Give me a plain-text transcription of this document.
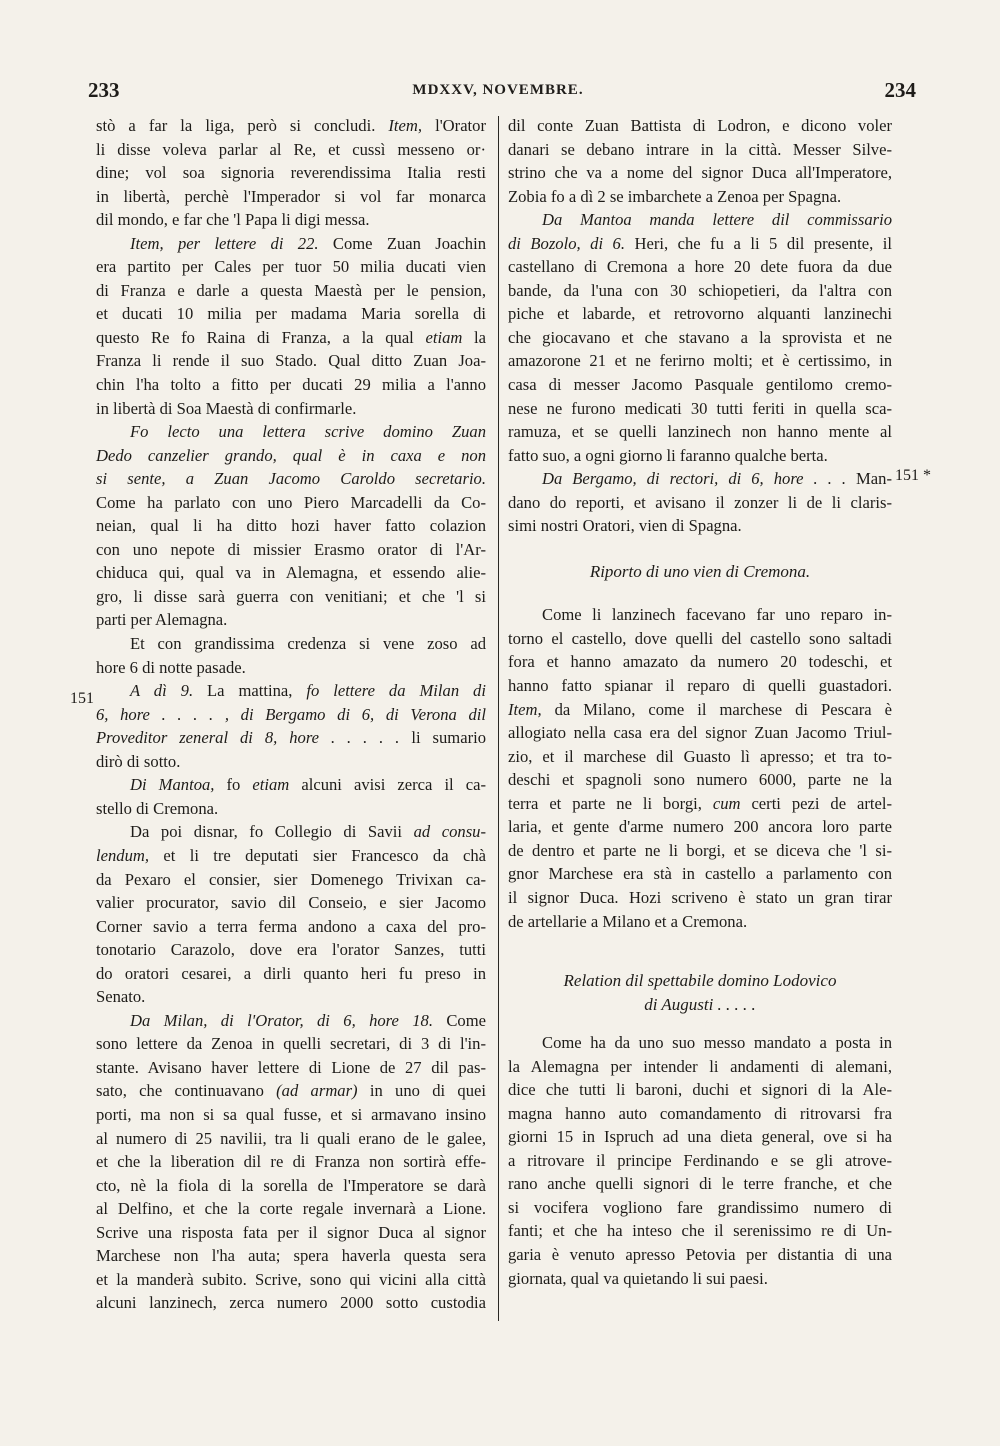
233	MDXXV, NOVEMBRE.	234
stò a far la liga, però si concludi. Item, l'Orator
li disse voleva parlar al Re, et cussì messeno or·
dine; vol soa signoria reverendissima Italia resti
in libertà, perchè l'Imperador si vol far monarca
dil mondo, e far che 'l Papa li digi messa.
Item, per lettere di 22. Come Zuan Joachin
era partito per Cales per tuor 50 milia ducati vien
di Franza e darle a questa Maestà per le pension,
et ducati 10 milia per madama Maria sorella di
questo Re fo Raina di Franza, a la qual etiam la
Franza li rende il suo Stado. Qual ditto Zuan Joa-
chin l'ha tolto a fitto per ducati 29 milia a l'anno
in libertà di Soa Maestà di confirmarle.
Fo lecto una lettera scrive domino Zuan
Dedo canzelier grando, qual è in caxa e non
si sente, a Zuan Jacomo Caroldo secretario.
Come ha parlato con uno Piero Marcadelli da Co-
neian, qual li ha ditto hozi haver fatto colazion
con uno nepote di missier Erasmo orator di l'Ar-
chiduca qui, qual va in Alemagna, et essendo alie-
gro, li disse sarà guerra con venitiani; et che 'l si
parti per Alemagna.
Et con grandissima credenza si vene zoso ad
hore 6 di notte pasade.
A dì 9. La mattina, fo lettere da Milan di
6, hore . . . . , di Bergamo di 6, di Verona dil
Proveditor zeneral di 8, hore . . . . . li sumario
dirò di sotto.
Di Mantoa, fo etiam alcuni avisi zerca il ca-
stello di Cremona.
Da poi disnar, fo Collegio di Savii ad consu-
lendum, et li tre deputati sier Francesco da chà
da Pexaro el consier, sier Domenego Trivixan ca-
valier procurator, savio dil Conseio, e sier Jacomo
Corner savio a terra ferma andono a caxa del pro-
tonotario Carazolo, dove era l'orator Sanzes, tutti
do oratori cesarei, a dirli quanto heri fu preso in
Senato.
Da Milan, di l'Orator, di 6, hore 18. Come
sono lettere da Zenoa in quelli secretari, di 3 di l'in-
stante. Avisano haver lettere di Lione de 27 dil pas-
sato, che continuavano (ad armar) in uno di quei
porti, ma non si sa qual fusse, et si armavano insino
al numero di 25 navilii, tra li quali erano de le galee,
et che la liberation dil re di Franza non sortirà effe-
cto, nè la fiola di la sorella de l'Imperatore se darà
al Delfino, et che la corte regale invernarà a Lione.
Scrive una risposta fata per il signor Duca al signor
Marchese non l'ha auta; spera haverla questa sera
et la manderà subito. Scrive, sono qui vicini alla città
alcuni lanzinech, zerca numero 2000 sotto custodia
dil conte Zuan Battista di Lodron, e dicono voler
danari se debano intrare in la città. Messer Silve-
strino che va a nome del signor Duca all'Imperatore,
Zobia fo a dì 2 se imbarchete a Zenoa per Spagna.
Da Mantoa manda lettere dil commissario
di Bozolo, di 6. Heri, che fu a li 5 dil presente, il
castellano di Cremona a hore 20 dete fuora da due
bande, da l'una con 30 schiopetieri, da l'altra con
piche et labarde, et retrovorno alquanti lanzinechi
che giocavano et che stavano a la sprovista et ne
amazorone 21 et ne ferirno molti; et è certissimo, in
casa di messer Jacomo Pasquale gentilomo cremo-
nese ne furono medicati 30 tutti feriti in quella sca-
ramuza, et se quelli lanzinech non hanno mente al
fatto suo, a ogni giorno li faranno qualche berta.
Da Bergamo, di rectori, di 6, hore . . . Man-
dano do reporti, et avisano il zonzer li de li claris-
simi nostri Oratori, vien di Spagna.
Riporto di uno vien di Cremona.
Come li lanzinech facevano far uno reparo in-
torno el castello, dove quelli del castello sono saltadi
fora et hanno amazato da numero 20 todeschi, et
hanno fatto spianar il reparo di quelli guastadori.
Item, da Milano, come il marchese di Pescara è
allogiato nella casa era del signor Zuan Jacomo Triul-
zio, et il marchese dil Guasto lì apresso; et tra to-
deschi et spagnoli sono numero 6000, parte ne la
terra et parte ne li borgi, cum certi pezi de artel-
laria, et gente d'arme numero 200 ancora loro parte
de dentro et parte ne li borgi, et se diceva che 'l si-
gnor Marchese era stà in castello a parlamento con
il signor Duca. Hozi scriveno è stato un gran tirar
de artellarie a Milano et a Cremona.
Relation dil spettabile domino Lodovico
di Augusti . . . . .
Come ha da uno suo messo mandato a posta in
la Alemagna per intender li andamenti di alemani,
dice che tutti li baroni, duchi et signori di la Ale-
magna hanno auto comandamento di ritrovarsi fra
giorni 15 in Ispruch ad una dieta general, ove si ha
a ritrovare il principe Ferdinando e se gli atrove-
rano anche quelli signori di le terre franche, et che
si vocifera vogliono fare grandissimo numero di
fanti; et che ha inteso che il serenissimo re di Un-
garia è venuto apresso Petovia per distantia di una
giornata, qual va quietando li sui paesi.
151
151 *
